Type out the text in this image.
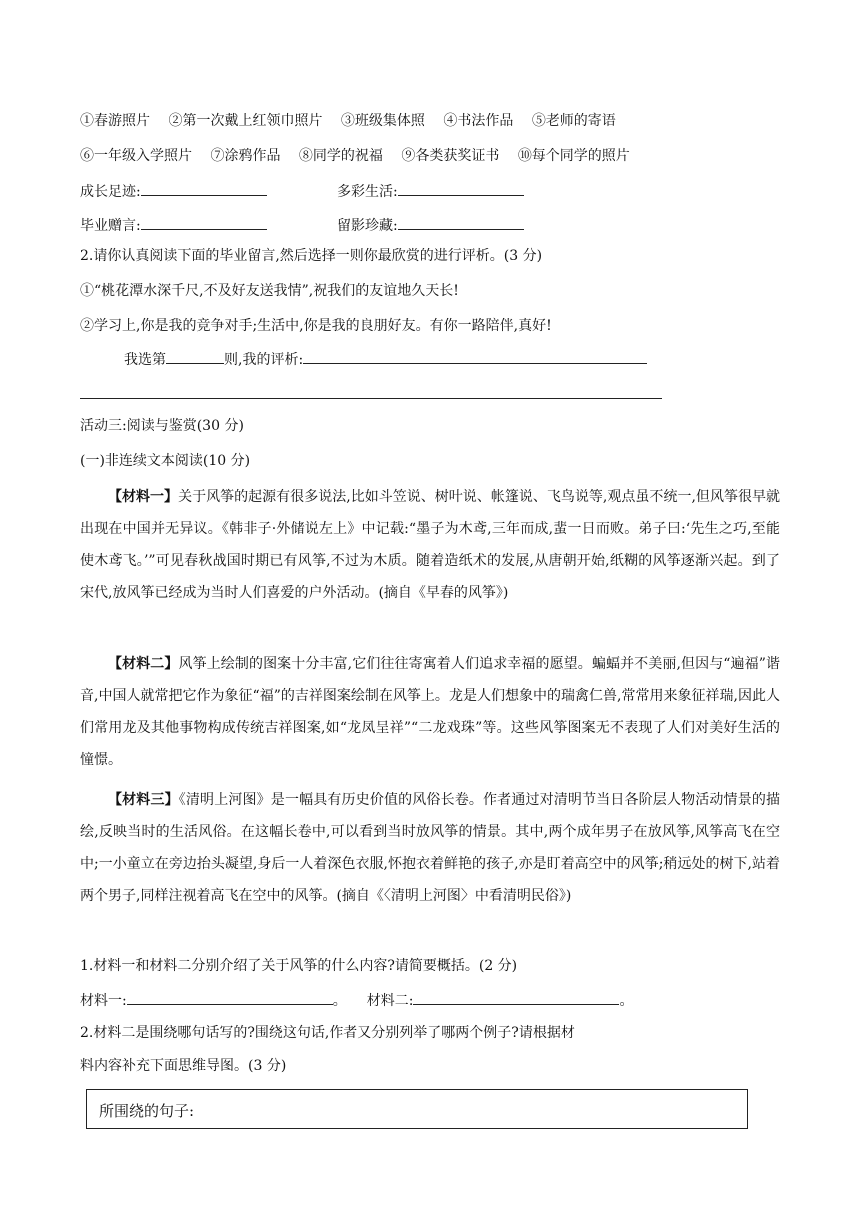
①春游照片 ②第一次戴上红领巾照片 ③班级集体照 ④书法作品 ⑤老师的寄语
⑥一年级入学照片 ⑦涂鸦作品 ⑧同学的祝福 ⑨各类获奖证书 ⑩每个同学的照片
成长足迹:	多彩生活:
毕业赠言:	留影珍藏:
2.请你认真阅读下面的毕业留言,然后选择一则你最欣赏的进行评析。(3 分)
①“桃花潭水深千尺,不及好友送我情”,祝我们的友谊地久天长!
②学习上,你是我的竞争对手;生活中,你是我的良朋好友。有你一路陪伴,真好!
我选第	则,我的评析:
活动三:阅读与鉴赏(30 分)
(一)非连续文本阅读(10 分)
【材料一】关于风筝的起源有很多说法,比如斗笠说、树叶说、帐篷说、飞鸟说等,观点虽不统一,但风筝很早就出现在中国并无异议。《韩非子·外储说左上》中记载:“墨子为木鸢,三年而成,蜚一日而败。弟子曰:‘先生之巧,至能使木鸢飞。’”可见春秋战国时期已有风筝,不过为木质。随着造纸术的发展,从唐朝开始,纸糊的风筝逐渐兴起。到了宋代,放风筝已经成为当时人们喜爱的户外活动。(摘自《早春的风筝》)
【材料二】风筝上绘制的图案十分丰富,它们往往寄寓着人们追求幸福的愿望。蝙蝠并不美丽,但因与“遍福”谐音,中国人就常把它作为象征“福”的吉祥图案绘制在风筝上。龙是人们想象中的瑞禽仁兽,常常用来象征祥瑞,因此人们常用龙及其他事物构成传统吉祥图案,如“龙凤呈祥”“二龙戏珠”等。这些风筝图案无不表现了人们对美好生活的憧憬。
【材料三】《清明上河图》是一幅具有历史价值的风俗长卷。作者通过对清明节当日各阶层人物活动情景的描绘,反映当时的生活风俗。在这幅长卷中,可以看到当时放风筝的情景。其中,两个成年男子在放风筝,风筝高飞在空中;一小童立在旁边抬头凝望,身后一人着深色衣服,怀抱衣着鲜艳的孩子,亦是盯着高空中的风筝;稍远处的树下,站着两个男子,同样注视着高飞在空中的风筝。(摘自《〈清明上河图〉中看清明民俗》)
1.材料一和材料二分别介绍了关于风筝的什么内容?请简要概括。(2 分)
材料一:	。 材料二:	。
2.材料二是围绕哪句话写的?围绕这句话,作者又分别列举了哪两个例子?请根据材
料内容补充下面思维导图。(3 分)
所围绕的句子:
